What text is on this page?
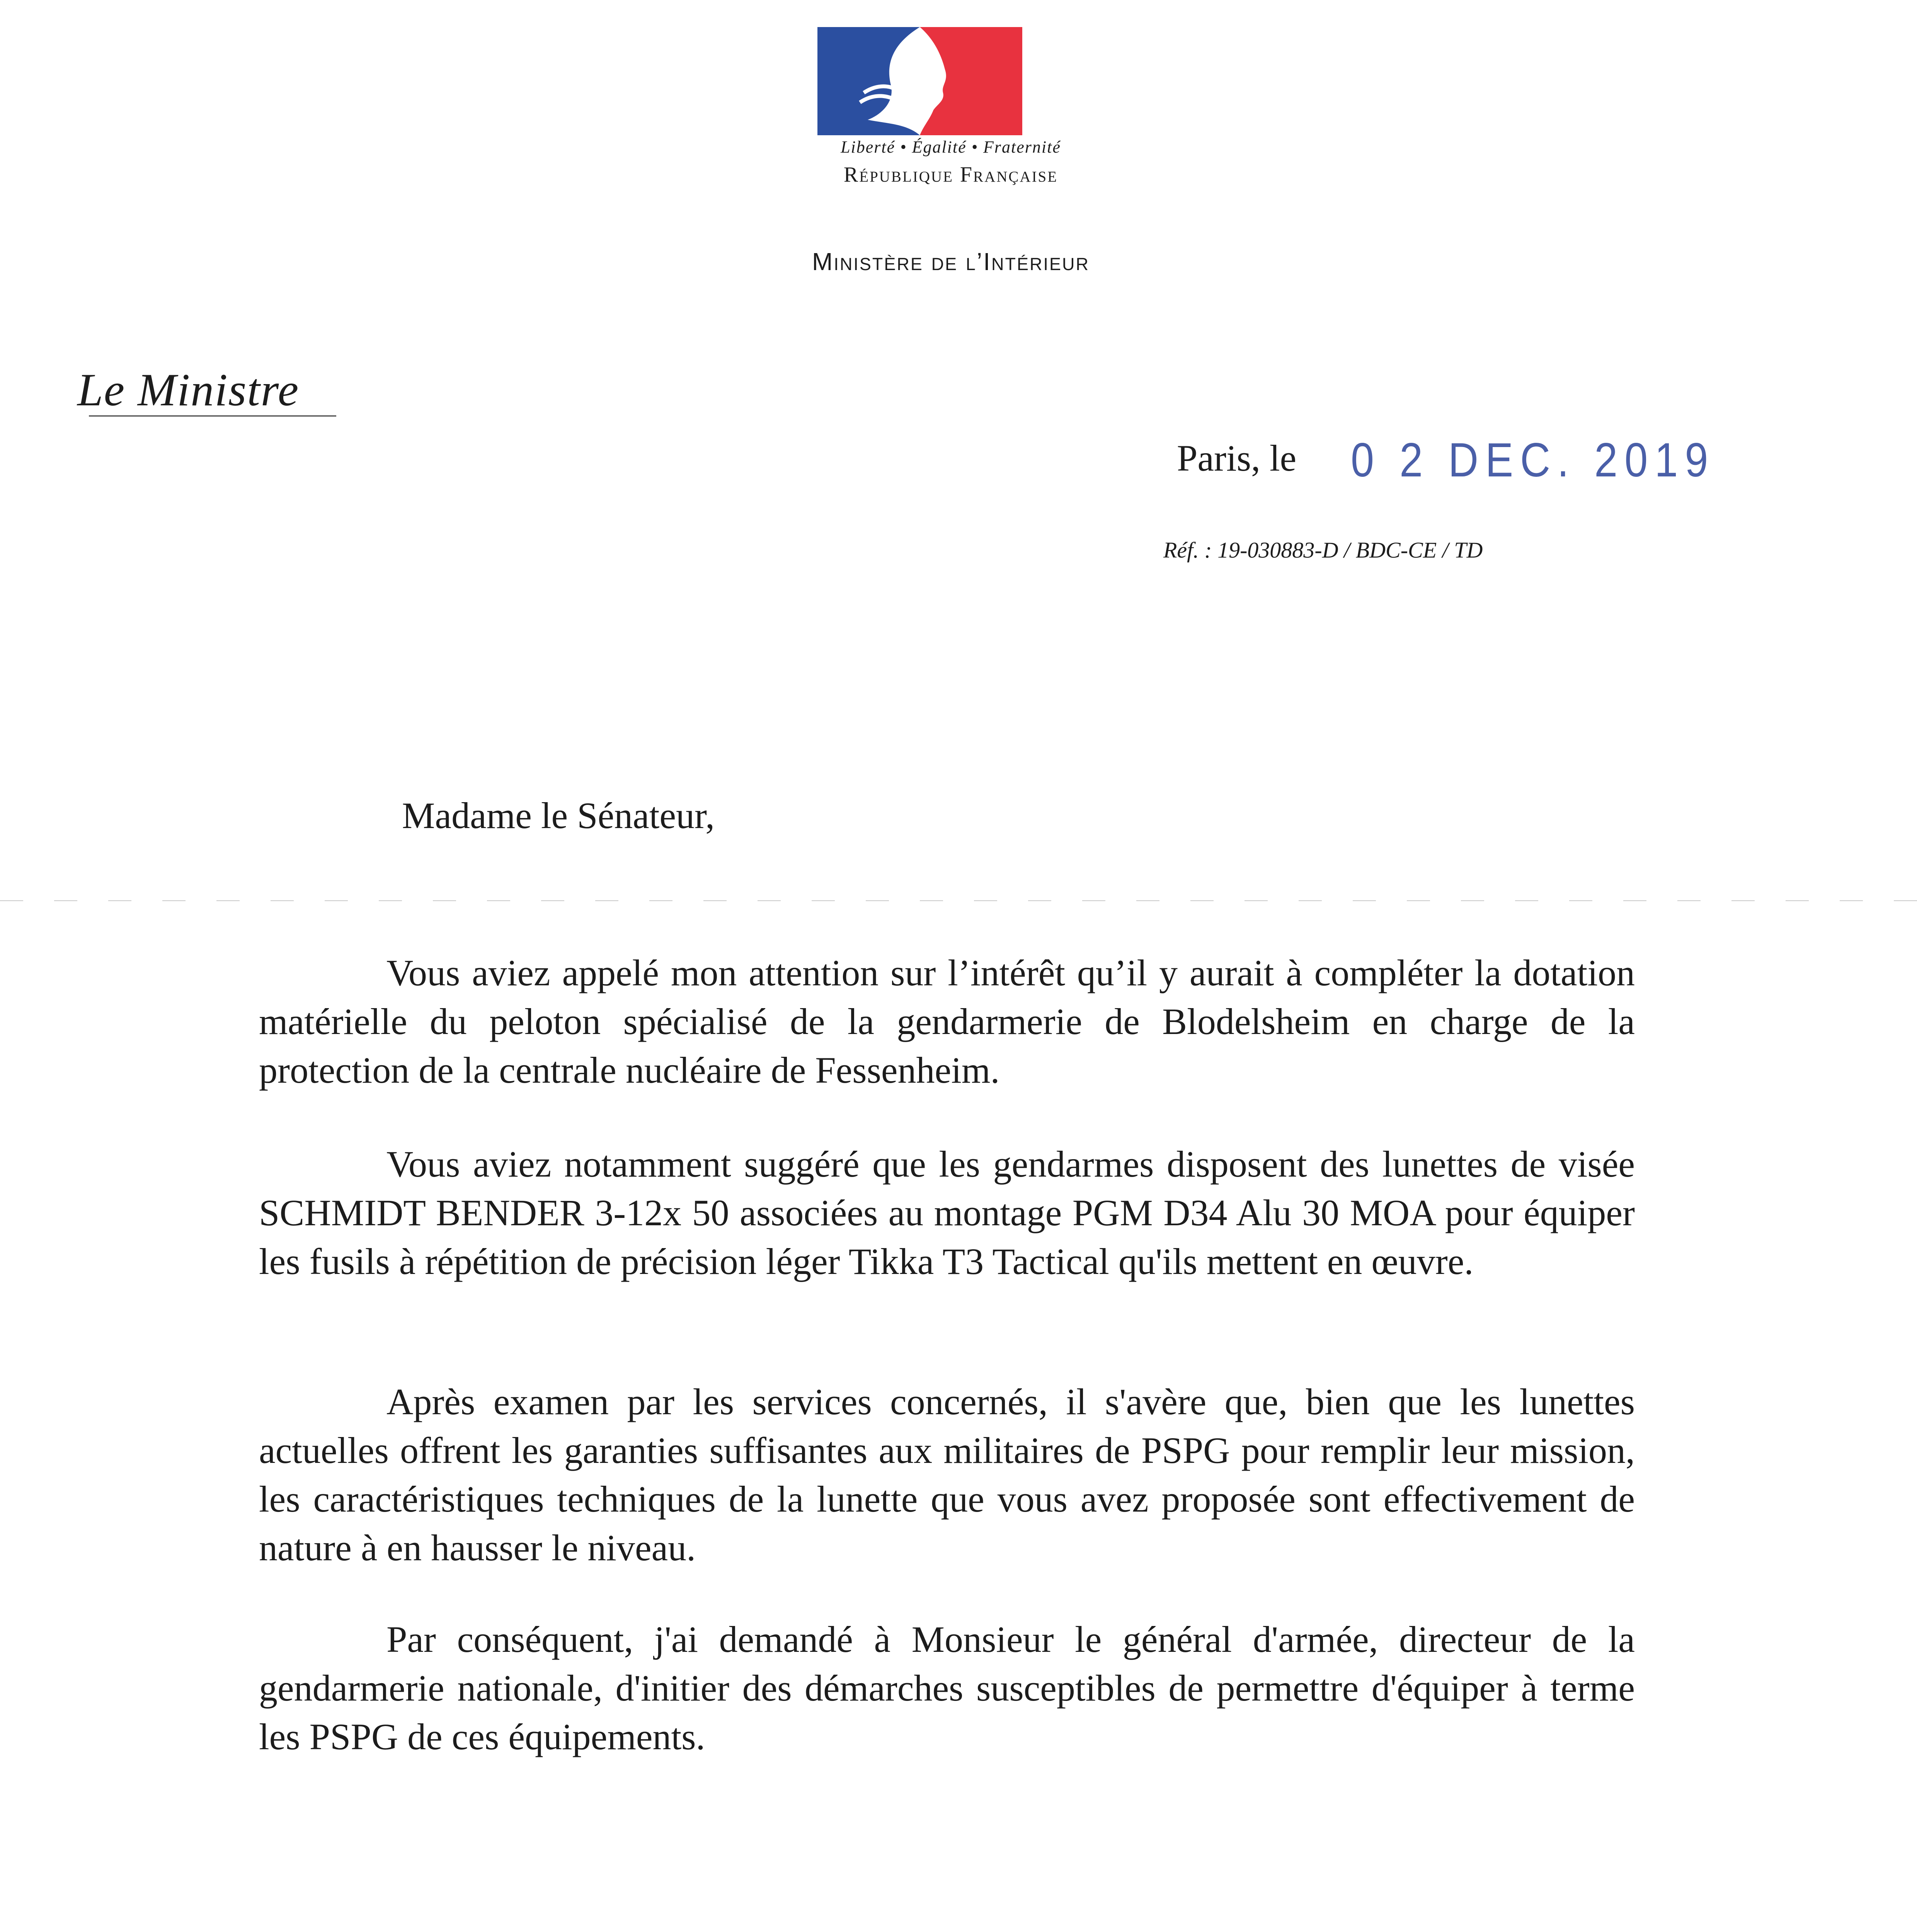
Liberté • Égalité • Fraternité
République Française
Ministère de l’Intérieur
Le Ministre
Paris, le 0 2 DEC. 2019
Réf. : 19-030883-D / BDC-CE / TD
Madame le Sénateur,
Vous aviez appelé mon attention sur l’intérêt qu’il y aurait à compléter la dotation matérielle du peloton spécialisé de la gendarmerie de Blodelsheim en charge de la protection de la centrale nucléaire de Fessenheim.
Vous aviez notamment suggéré que les gendarmes disposent des lunettes de visée SCHMIDT BENDER 3-12x 50 associées au montage PGM D34 Alu 30 MOA pour équiper les fusils à répétition de précision léger Tikka T3 Tactical qu'ils mettent en œuvre.
Après examen par les services concernés, il s'avère que, bien que les lunettes actuelles offrent les garanties suffisantes aux militaires de PSPG pour remplir leur mission, les caractéristiques techniques de la lunette que vous avez proposée sont effectivement de nature à en hausser le niveau.
Par conséquent, j'ai demandé à Monsieur le général d'armée, directeur de la gendarmerie nationale, d'initier des démarches susceptibles de permettre d'équiper à terme les PSPG de ces équipements.
